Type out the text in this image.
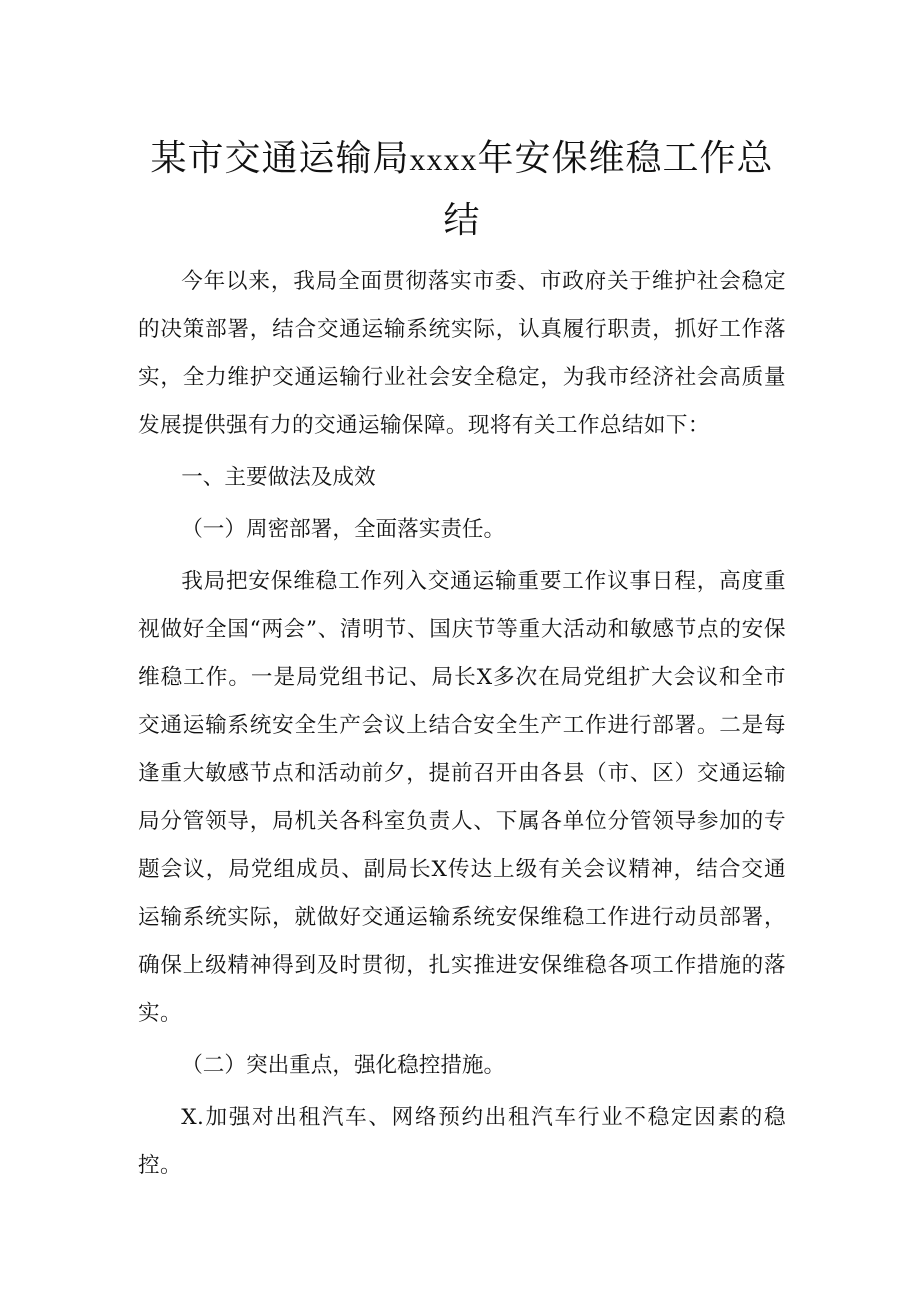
某市交通运输局xxxx年安保维稳工作总
结

今年以来，我局全面贯彻落实市委、市政府关于维护社会稳定的决策部署，结合交通运输系统实际，认真履行职责，抓好工作落实，全力维护交通运输行业社会安全稳定，为我市经济社会高质量发展提供强有力的交通运输保障。现将有关工作总结如下：

一、主要做法及成效

（一）周密部署，全面落实责任。

我局把安保维稳工作列入交通运输重要工作议事日程，高度重视做好全国“两会”、清明节、国庆节等重大活动和敏感节点的安保维稳工作。一是局党组书记、局长X多次在局党组扩大会议和全市交通运输系统安全生产会议上结合安全生产工作进行部署。二是每逢重大敏感节点和活动前夕，提前召开由各县（市、区）交通运输局分管领导，局机关各科室负责人、下属各单位分管领导参加的专题会议，局党组成员、副局长X传达上级有关会议精神，结合交通运输系统实际，就做好交通运输系统安保维稳工作进行动员部署，确保上级精神得到及时贯彻，扎实推进安保维稳各项工作措施的落实。

（二）突出重点，强化稳控措施。

X.加强对出租汽车、网络预约出租汽车行业不稳定因素的稳控。
